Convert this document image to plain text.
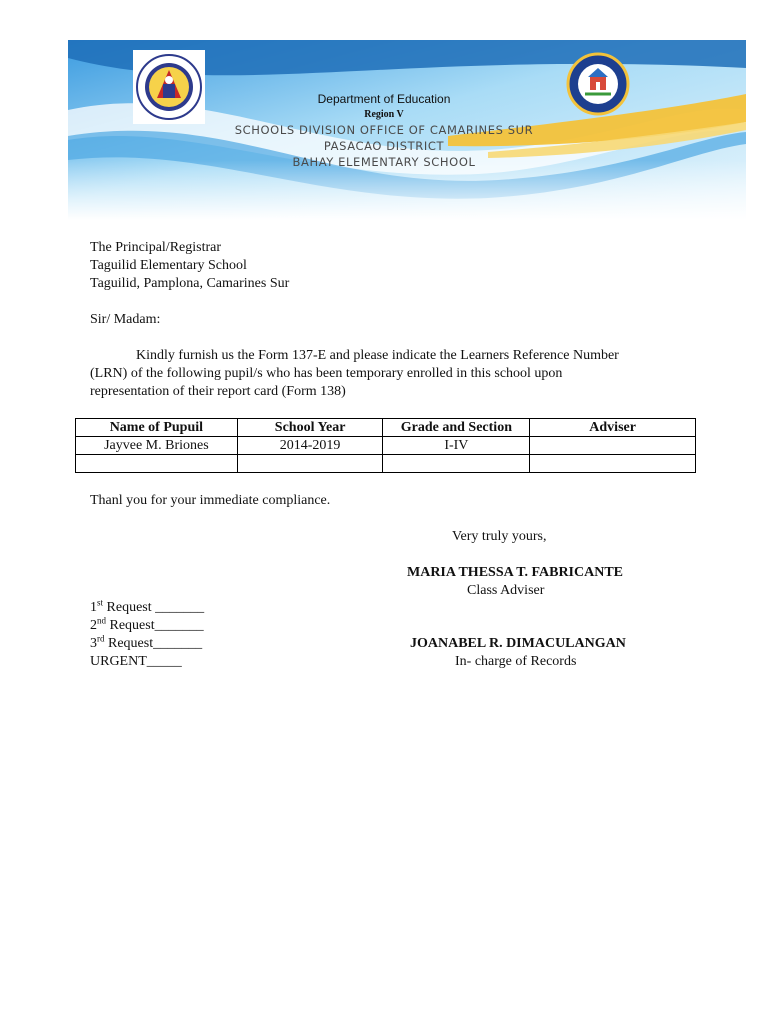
Department of Education
Region V
SCHOOLS DIVISION OFFICE OF CAMARINES SUR
PASACAO DISTRICT
BAHAY ELEMENTARY SCHOOL
The Principal/Registrar
Taguilid Elementary School
Taguilid, Pamplona, Camarines Sur
Sir/ Madam:
Kindly furnish us the Form 137-E and please indicate the Learners Reference Number
(LRN) of the following pupil/s who has been temporary enrolled in this school upon
representation of their report card (Form 138)
Name of Pupuil	School Year	Grade and Section	Adviser
Jayvee M. Briones	2014-2019	I-IV	

Thanl you for your immediate compliance.
Very truly yours,
MARIA THESSA T. FABRICANTE
Class Adviser
1st Request _______
2nd Request_______
3rd Request_______
URGENT_____
JOANABEL R. DIMACULANGAN
In- charge of Records
